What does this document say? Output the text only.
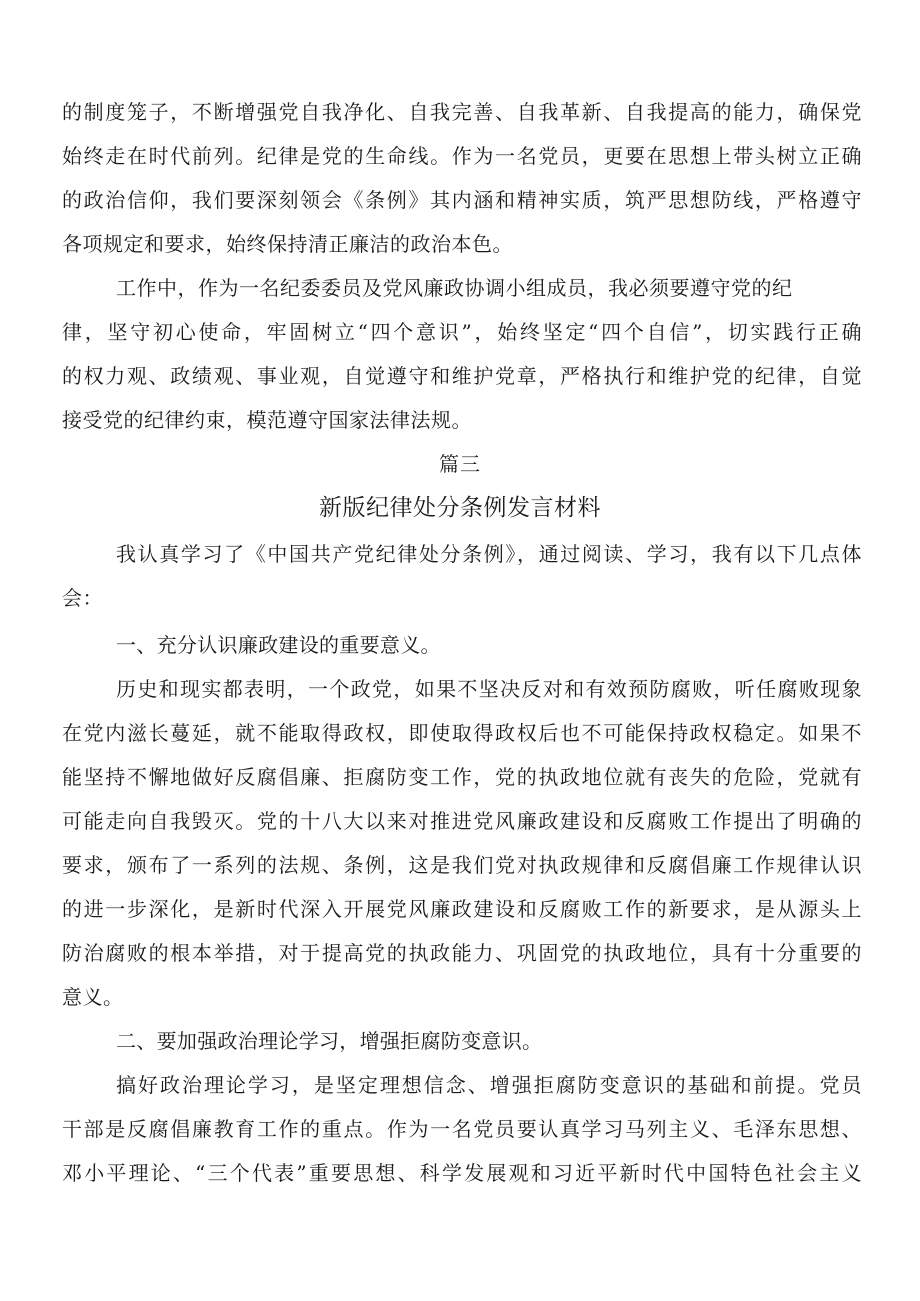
的制度笼子，不断增强党自我净化、自我完善、自我革新、自我提高的能力，确保党
始终走在时代前列。纪律是党的生命线。作为一名党员，更要在思想上带头树立正确
的政治信仰，我们要深刻领会《条例》其内涵和精神实质，筑严思想防线，严格遵守
各项规定和要求，始终保持清正廉洁的政治本色。
工作中，作为一名纪委委员及党风廉政协调小组成员，我必须要遵守党的纪
律，坚守初心使命，牢固树立“四个意识”，始终坚定“四个自信”，切实践行正确
的权力观、政绩观、事业观，自觉遵守和维护党章，严格执行和维护党的纪律，自觉
接受党的纪律约束，模范遵守国家法律法规。
篇三
新版纪律处分条例发言材料
我认真学习了《中国共产党纪律处分条例》，通过阅读、学习，我有以下几点体
会：
一、充分认识廉政建设的重要意义。
历史和现实都表明，一个政党，如果不坚决反对和有效预防腐败，听任腐败现象
在党内滋长蔓延，就不能取得政权，即使取得政权后也不可能保持政权稳定。如果不
能坚持不懈地做好反腐倡廉、拒腐防变工作，党的执政地位就有丧失的危险，党就有
可能走向自我毁灭。党的十八大以来对推进党风廉政建设和反腐败工作提出了明确的
要求，颁布了一系列的法规、条例，这是我们党对执政规律和反腐倡廉工作规律认识
的进一步深化，是新时代深入开展党风廉政建设和反腐败工作的新要求，是从源头上
防治腐败的根本举措，对于提高党的执政能力、巩固党的执政地位，具有十分重要的
意义。
二、要加强政治理论学习，增强拒腐防变意识。
搞好政治理论学习，是坚定理想信念、增强拒腐防变意识的基础和前提。党员
干部是反腐倡廉教育工作的重点。作为一名党员要认真学习马列主义、毛泽东思想、
邓小平理论、“三个代表”重要思想、科学发展观和习近平新时代中国特色社会主义
